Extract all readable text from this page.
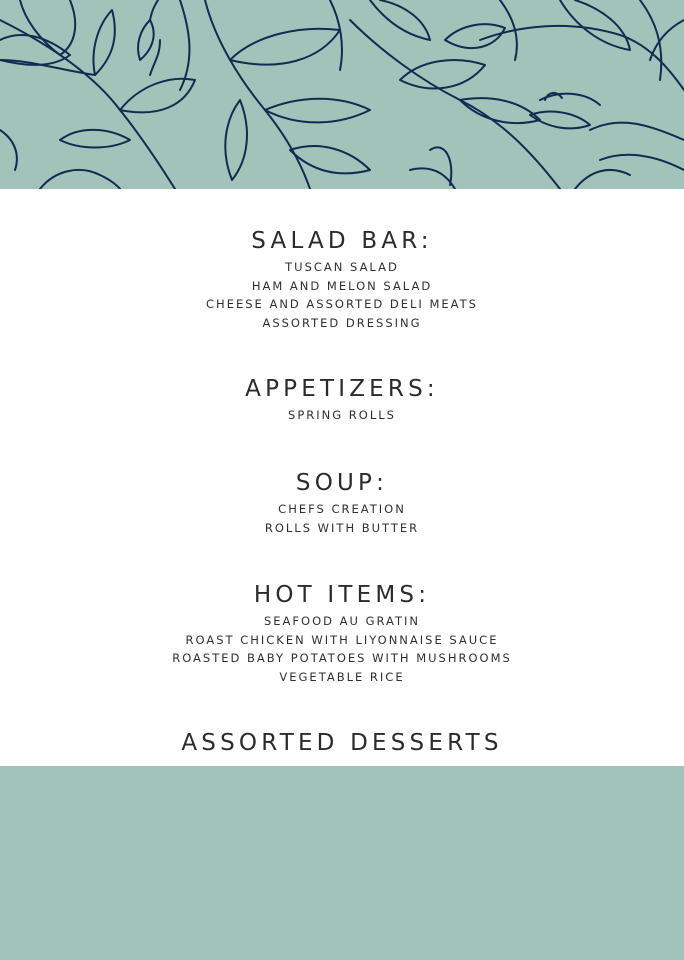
SALAD BAR:
TUSCAN SALAD
HAM AND MELON SALAD
CHEESE AND ASSORTED DELI MEATS
ASSORTED DRESSING
APPETIZERS:
SPRING ROLLS
SOUP:
CHEFS CREATION
ROLLS WITH BUTTER
HOT ITEMS:
SEAFOOD AU GRATIN
ROAST CHICKEN WITH LIYONNAISE SAUCE
ROASTED BABY POTATOES WITH MUSHROOMS
VEGETABLE RICE
ASSORTED DESSERTS
